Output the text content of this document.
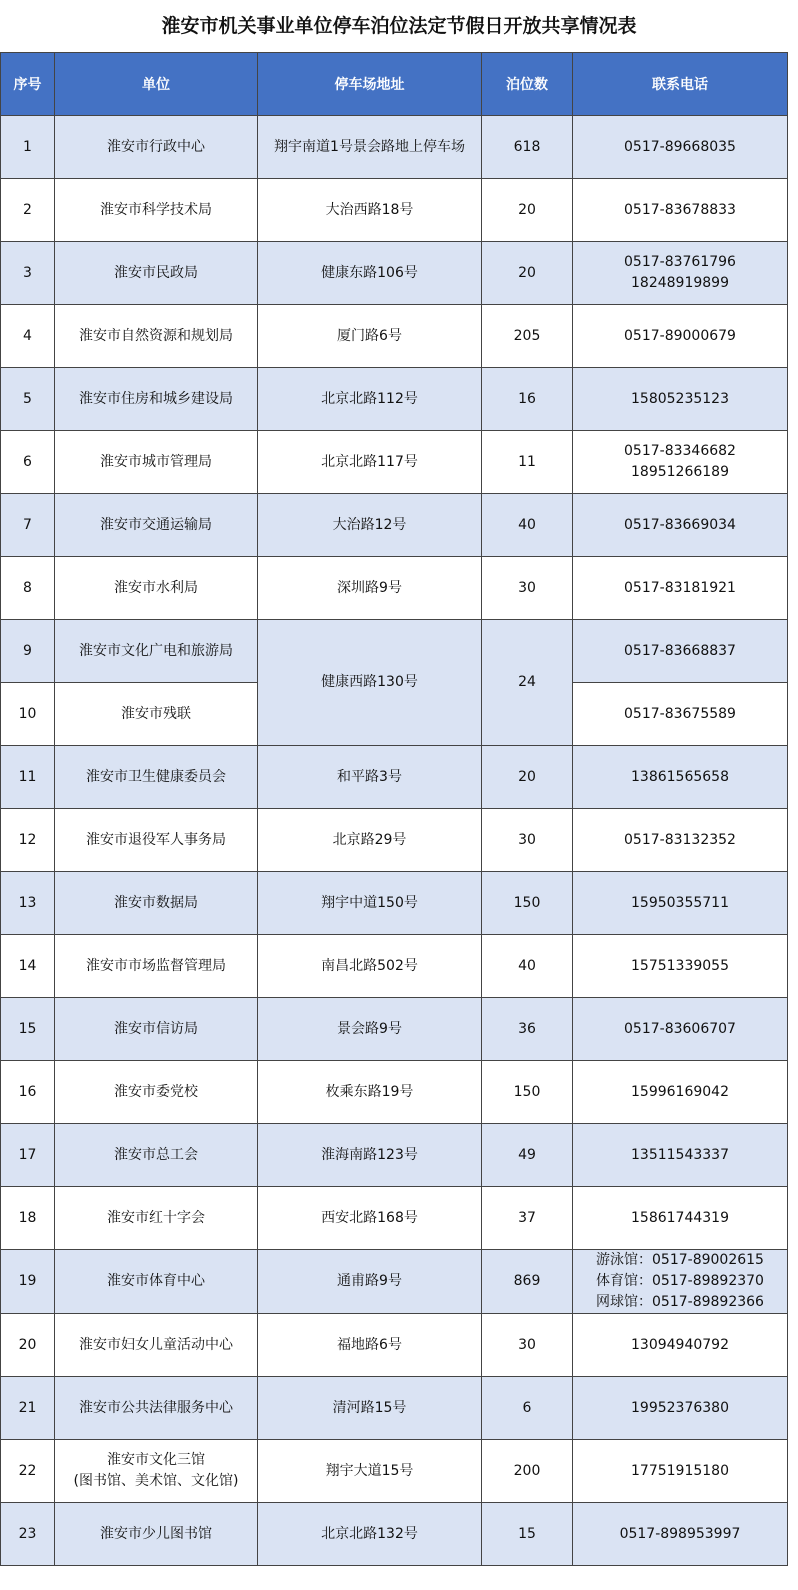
淮安市机关事业单位停车泊位法定节假日开放共享情况表
序号	单位	停车场地址	泊位数	联系电话
1	淮安市行政中心	翔宇南道1号景会路地上停车场	618	0517-89668035

2	淮安市科学技术局	大治西路18号	20	0517-83678833

3	淮安市民政局	健康东路106号	20	0517-83761796
18248919899

4	淮安市自然资源和规划局	厦门路6号	205	0517-89000679

5	淮安市住房和城乡建设局	北京北路112号	16	15805235123

6	淮安市城市管理局	北京北路117号	11	0517-83346682
18951266189

7	淮安市交通运输局	大治路12号	40	0517-83669034

8	淮安市水利局	深圳路9号	30	0517-83181921

9	淮安市文化广电和旅游局	健康西路130号	24	0517-83668837

10	淮安市残联			0517-83675589

11	淮安市卫生健康委员会	和平路3号	20	13861565658

12	淮安市退役军人事务局	北京路29号	30	0517-83132352

13	淮安市数据局	翔宇中道150号	150	15950355711

14	淮安市市场监督管理局	南昌北路502号	40	15751339055

15	淮安市信访局	景会路9号	36	0517-83606707

16	淮安市委党校	枚乘东路19号	150	15996169042

17	淮安市总工会	淮海南路123号	49	13511543337

18	淮安市红十字会	西安北路168号	37	15861744319

19	淮安市体育中心	通甫路9号	869	游泳馆：0517-89002615
体育馆：0517-89892370
网球馆：0517-89892366

20	淮安市妇女儿童活动中心	福地路6号	30	13094940792

21	淮安市公共法律服务中心	清河路15号	6	19952376380

22	淮安市文化三馆
(图书馆、美术馆、文化馆)	翔宇大道15号	200	17751915180

23	淮安市少儿图书馆	北京北路132号	15	0517-898953997
